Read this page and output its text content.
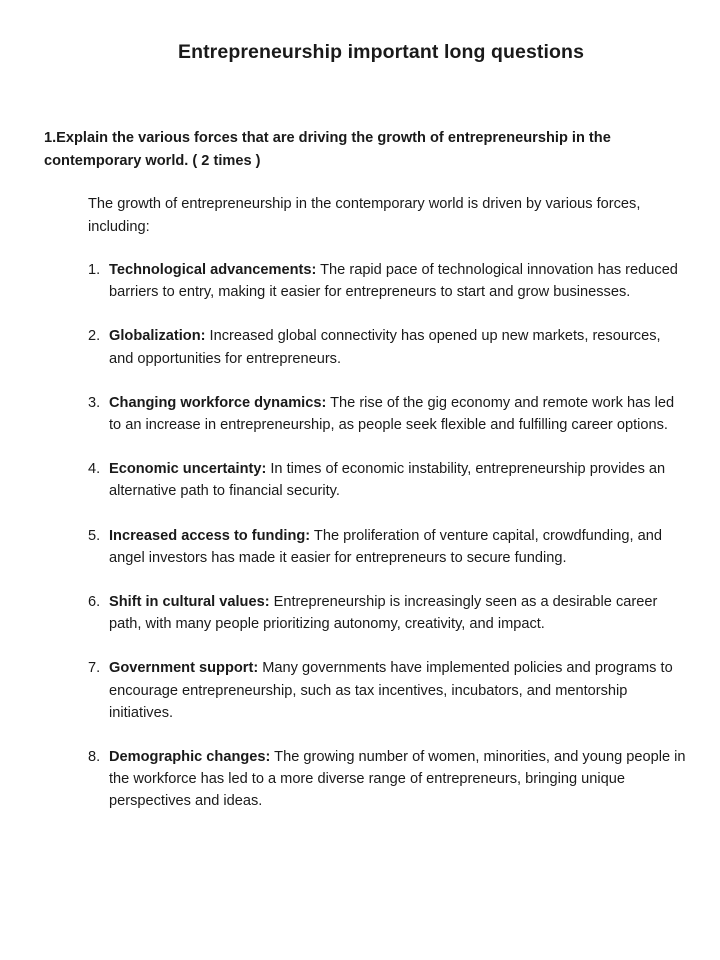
Entrepreneurship important long questions
1.Explain the various forces that are driving the growth of entrepreneurship in the contemporary world. ( 2 times )
The growth of entrepreneurship in the contemporary world is driven by various forces, including:
1. Technological advancements: The rapid pace of technological innovation has reduced barriers to entry, making it easier for entrepreneurs to start and grow businesses.
2. Globalization: Increased global connectivity has opened up new markets, resources, and opportunities for entrepreneurs.
3. Changing workforce dynamics: The rise of the gig economy and remote work has led to an increase in entrepreneurship, as people seek flexible and fulfilling career options.
4. Economic uncertainty: In times of economic instability, entrepreneurship provides an alternative path to financial security.
5. Increased access to funding: The proliferation of venture capital, crowdfunding, and angel investors has made it easier for entrepreneurs to secure funding.
6. Shift in cultural values: Entrepreneurship is increasingly seen as a desirable career path, with many people prioritizing autonomy, creativity, and impact.
7. Government support: Many governments have implemented policies and programs to encourage entrepreneurship, such as tax incentives, incubators, and mentorship initiatives.
8. Demographic changes: The growing number of women, minorities, and young people in the workforce has led to a more diverse range of entrepreneurs, bringing unique perspectives and ideas.
